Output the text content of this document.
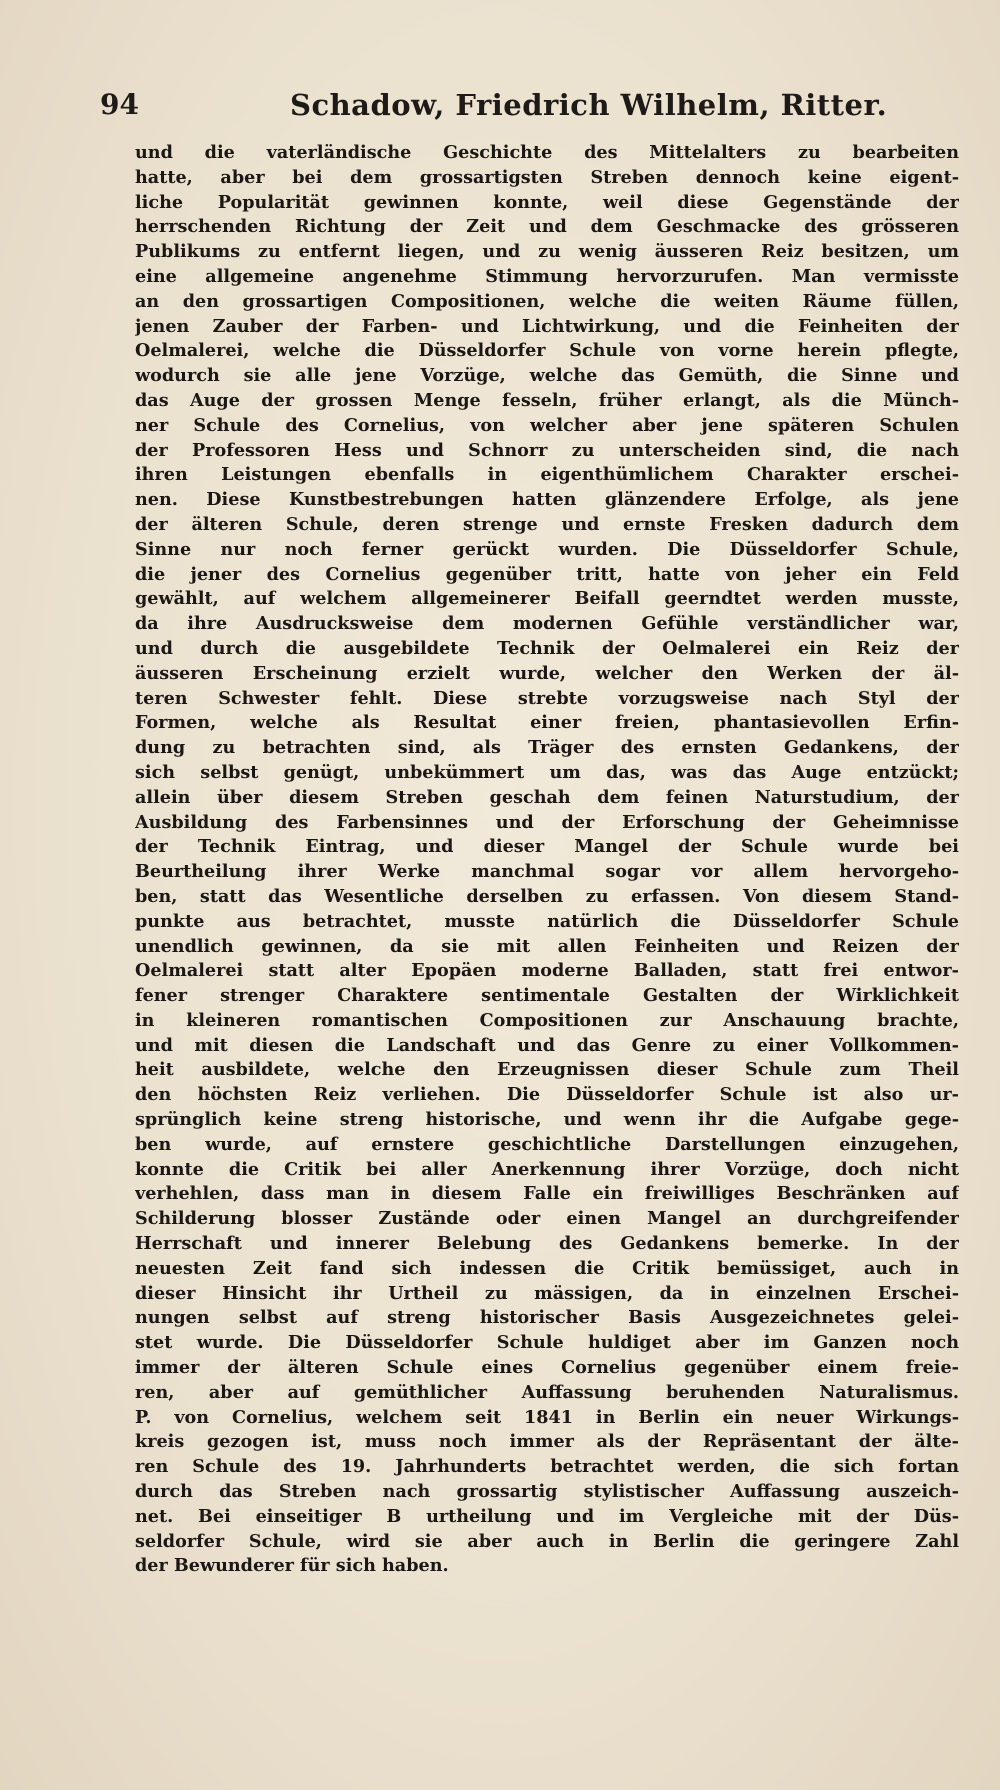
94	Schadow, Friedrich Wilhelm, Ritter.
und die vaterländische Geschichte des Mittelalters zu bearbeiten
hatte, aber bei dem grossartigsten Streben dennoch keine eigent-
liche Popularität gewinnen konnte, weil diese Gegenstände der
herrschenden Richtung der Zeit und dem Geschmacke des grösseren
Publikums zu entfernt liegen, und zu wenig äusseren Reiz besitzen, um
eine allgemeine angenehme Stimmung hervorzurufen. Man vermisste
an den grossartigen Compositionen, welche die weiten Räume füllen,
jenen Zauber der Farben- und Lichtwirkung, und die Feinheiten der
Oelmalerei, welche die Düsseldorfer Schule von vorne herein pflegte,
wodurch sie alle jene Vorzüge, welche das Gemüth, die Sinne und
das Auge der grossen Menge fesseln, früher erlangt, als die Münch-
ner Schule des Cornelius, von welcher aber jene späteren Schulen
der Professoren Hess und Schnorr zu unterscheiden sind, die nach
ihren Leistungen ebenfalls in eigenthümlichem Charakter erschei-
nen. Diese Kunstbestrebungen hatten glänzendere Erfolge, als jene
der älteren Schule, deren strenge und ernste Fresken dadurch dem
Sinne nur noch ferner gerückt wurden. Die Düsseldorfer Schule,
die jener des Cornelius gegenüber tritt, hatte von jeher ein Feld
gewählt, auf welchem allgemeinerer Beifall geerndtet werden musste,
da ihre Ausdrucksweise dem modernen Gefühle verständlicher war,
und durch die ausgebildete Technik der Oelmalerei ein Reiz der
äusseren Erscheinung erzielt wurde, welcher den Werken der äl-
teren Schwester fehlt. Diese strebte vorzugsweise nach Styl der
Formen, welche als Resultat einer freien, phantasievollen Erfin-
dung zu betrachten sind, als Träger des ernsten Gedankens, der
sich selbst genügt, unbekümmert um das, was das Auge entzückt;
allein über diesem Streben geschah dem feinen Naturstudium, der
Ausbildung des Farbensinnes und der Erforschung der Geheimnisse
der Technik Eintrag, und dieser Mangel der Schule wurde bei
Beurtheilung ihrer Werke manchmal sogar vor allem hervorgeho-
ben, statt das Wesentliche derselben zu erfassen. Von diesem Stand-
punkte aus betrachtet, musste natürlich die Düsseldorfer Schule
unendlich gewinnen, da sie mit allen Feinheiten und Reizen der
Oelmalerei statt alter Epopäen moderne Balladen, statt frei entwor-
fener strenger Charaktere sentimentale Gestalten der Wirklichkeit
in kleineren romantischen Compositionen zur Anschauung brachte,
und mit diesen die Landschaft und das Genre zu einer Vollkommen-
heit ausbildete, welche den Erzeugnissen dieser Schule zum Theil
den höchsten Reiz verliehen. Die Düsseldorfer Schule ist also ur-
sprünglich keine streng historische, und wenn ihr die Aufgabe gege-
ben wurde, auf ernstere geschichtliche Darstellungen einzugehen,
konnte die Critik bei aller Anerkennung ihrer Vorzüge, doch nicht
verhehlen, dass man in diesem Falle ein freiwilliges Beschränken auf
Schilderung blosser Zustände oder einen Mangel an durchgreifender
Herrschaft und innerer Belebung des Gedankens bemerke. In der
neuesten Zeit fand sich indessen die Critik bemüssiget, auch in
dieser Hinsicht ihr Urtheil zu mässigen, da in einzelnen Erschei-
nungen selbst auf streng historischer Basis Ausgezeichnetes gelei-
stet wurde. Die Düsseldorfer Schule huldiget aber im Ganzen noch
immer der älteren Schule eines Cornelius gegenüber einem freie-
ren, aber auf gemüthlicher Auffassung beruhenden Naturalismus.
P. von Cornelius, welchem seit 1841 in Berlin ein neuer Wirkungs-
kreis gezogen ist, muss noch immer als der Repräsentant der älte-
ren Schule des 19. Jahrhunderts betrachtet werden, die sich fortan
durch das Streben nach grossartig stylistischer Auffassung auszeich-
net. Bei einseitiger B urtheilung und im Vergleiche mit der Düs-
seldorfer Schule, wird sie aber auch in Berlin die geringere Zahl
der Bewunderer für sich haben.
